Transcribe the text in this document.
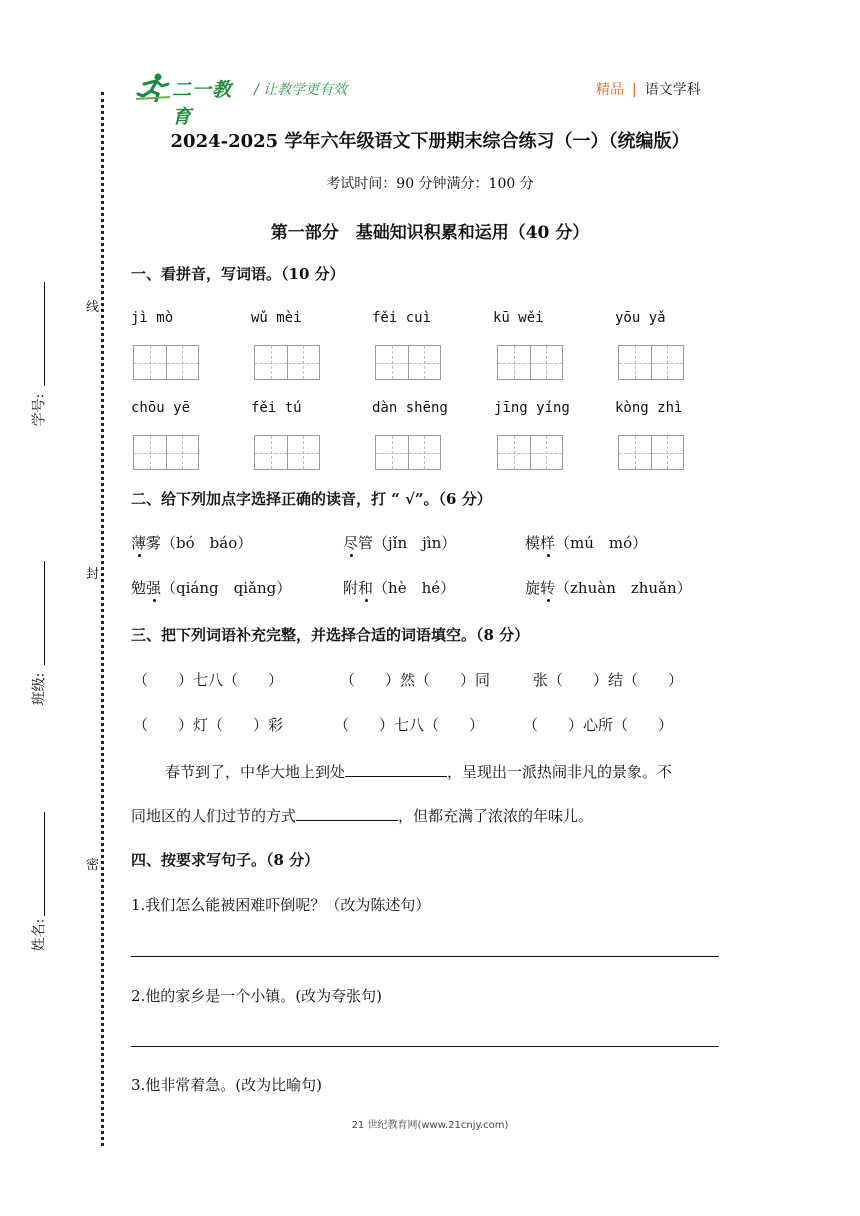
线
封
密
学号:
班级:
姓名:
二一教育
/ 让教学更有效	精品 | 语文学科
2024-2025 学年六年级语文下册期末综合练习（一）（统编版）
考试时间：90 分钟满分：100 分
第一部分　基础知识积累和运用（40 分）
一、看拼音，写词语。（10 分）
jì mò	wǔ mèi	fěi cuì	kū wěi	yōu yǎ
chōu yē	fěi tú	dàn shēng	jīng yíng	kòng zhì
二、给下列加点字选择正确的读音，打 “ √”。（6 分）
薄雾（bó　báo）	尽管（jǐn　jìn）	模样（mú　mó）
勉强（qiáng　qiǎng）	附和（hè　hé）	旋转（zhuàn　zhuǎn）
三、把下列词语补充完整，并选择合适的词语填空。（8 分）
（　　）七八（　　）	（　　）然（　　）同	张（　　）结（　　）
（　　）灯（　　）彩	（　　）七八（　　）	（　　）心所（　　）
春节到了，中华大地上到处	，呈现出一派热闹非凡的景象。不
同地区的人们过节的方式	，但都充满了浓浓的年味儿。
四、按要求写句子。（8 分）
1.我们怎么能被困难吓倒呢？（改为陈述句）
2.他的家乡是一个小镇。(改为夸张句)
3.他非常着急。(改为比喻句)
21 世纪教育网(www.21cnjy.com)
